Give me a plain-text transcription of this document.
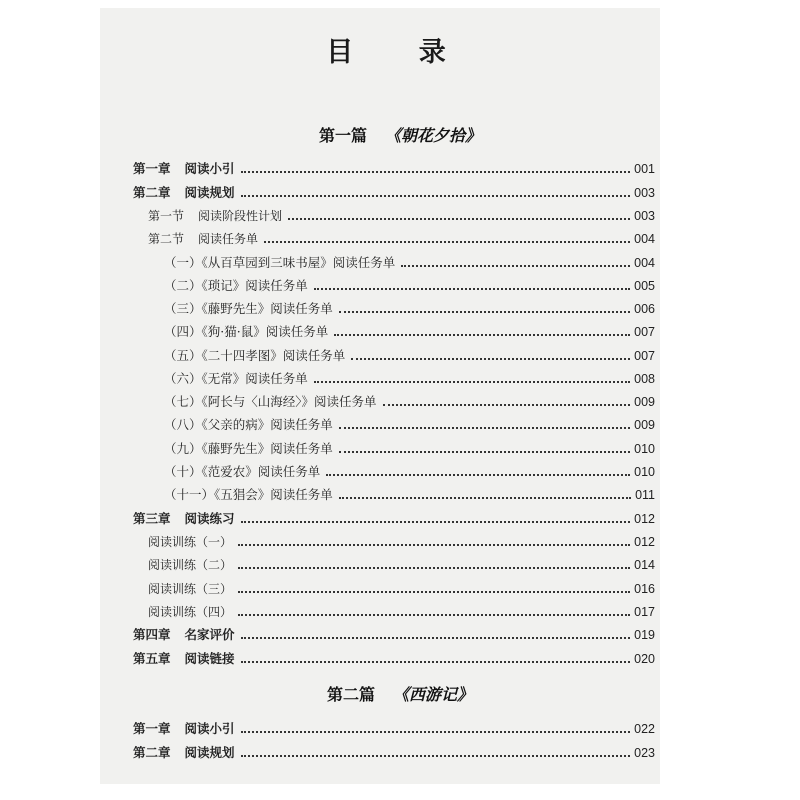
目 录
第一篇 《朝花夕拾》
第一章 阅读小引	001
第二章 阅读规划	003
第一节 阅读阶段性计划	003
第二节 阅读任务单	004
（一）《从百草园到三味书屋》阅读任务单	004
（二）《琐记》阅读任务单	005
（三）《藤野先生》阅读任务单	006
（四）《狗·猫·鼠》阅读任务单	007
（五）《二十四孝图》阅读任务单	007
（六）《无常》阅读任务单	008
（七）《阿长与〈山海经〉》阅读任务单	009
（八）《父亲的病》阅读任务单	009
（九）《藤野先生》阅读任务单	010
（十）《范爱农》阅读任务单	010
（十一）《五猖会》阅读任务单	011
第三章 阅读练习	012
阅读训练（一）	012
阅读训练（二）	014
阅读训练（三）	016
阅读训练（四）	017
第四章 名家评价	019
第五章 阅读链接	020
第二篇 《西游记》
第一章 阅读小引	022
第二章 阅读规划	023
